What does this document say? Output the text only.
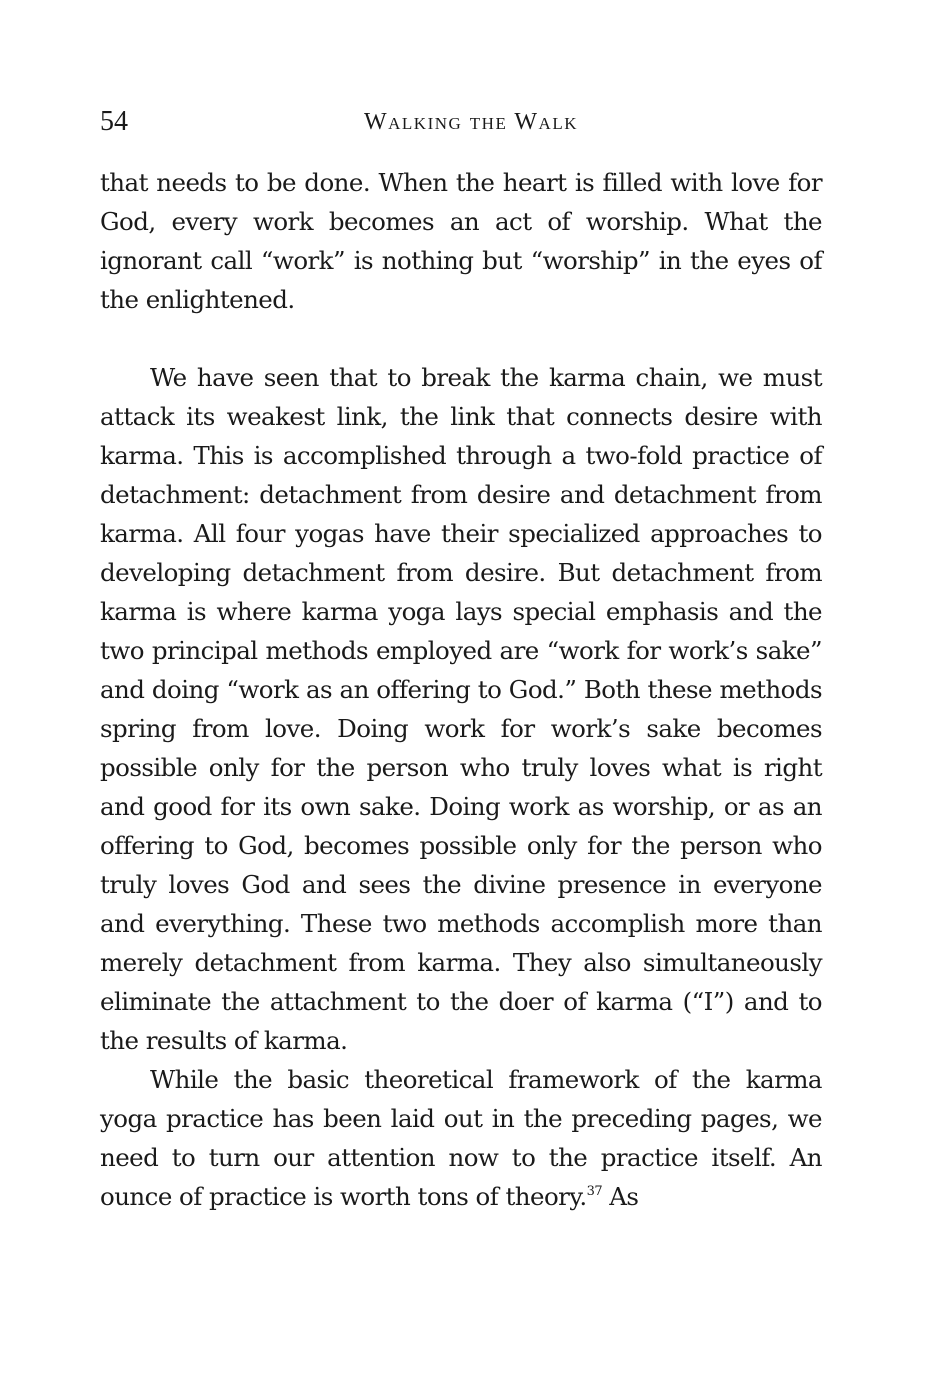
54	Walking the Walk

that needs to be done. When the heart is filled with love for God, every work becomes an act of worship. What the ignorant call “work” is nothing but “worship” in the eyes of the enlightened.

We have seen that to break the karma chain, we must attack its weakest link, the link that connects desire with karma. This is accomplished through a two-fold practice of detachment: detachment from desire and detachment from karma. All four yogas have their specialized approaches to developing detachment from desire. But detachment from karma is where karma yoga lays special emphasis and the two principal methods employed are “work for work’s sake” and doing “work as an offering to God.” Both these methods spring from love. Doing work for work’s sake becomes possible only for the person who truly loves what is right and good for its own sake. Doing work as worship, or as an offering to God, becomes possible only for the person who truly loves God and sees the divine presence in everyone and everything. These two methods accomplish more than merely detachment from karma. They also simultaneously eliminate the attachment to the doer of karma (“I”) and to the results of karma.

While the basic theoretical framework of the karma yoga practice has been laid out in the preceding pages, we need to turn our attention now to the practice itself. An ounce of practice is worth tons of theory.$^{37}$ As
